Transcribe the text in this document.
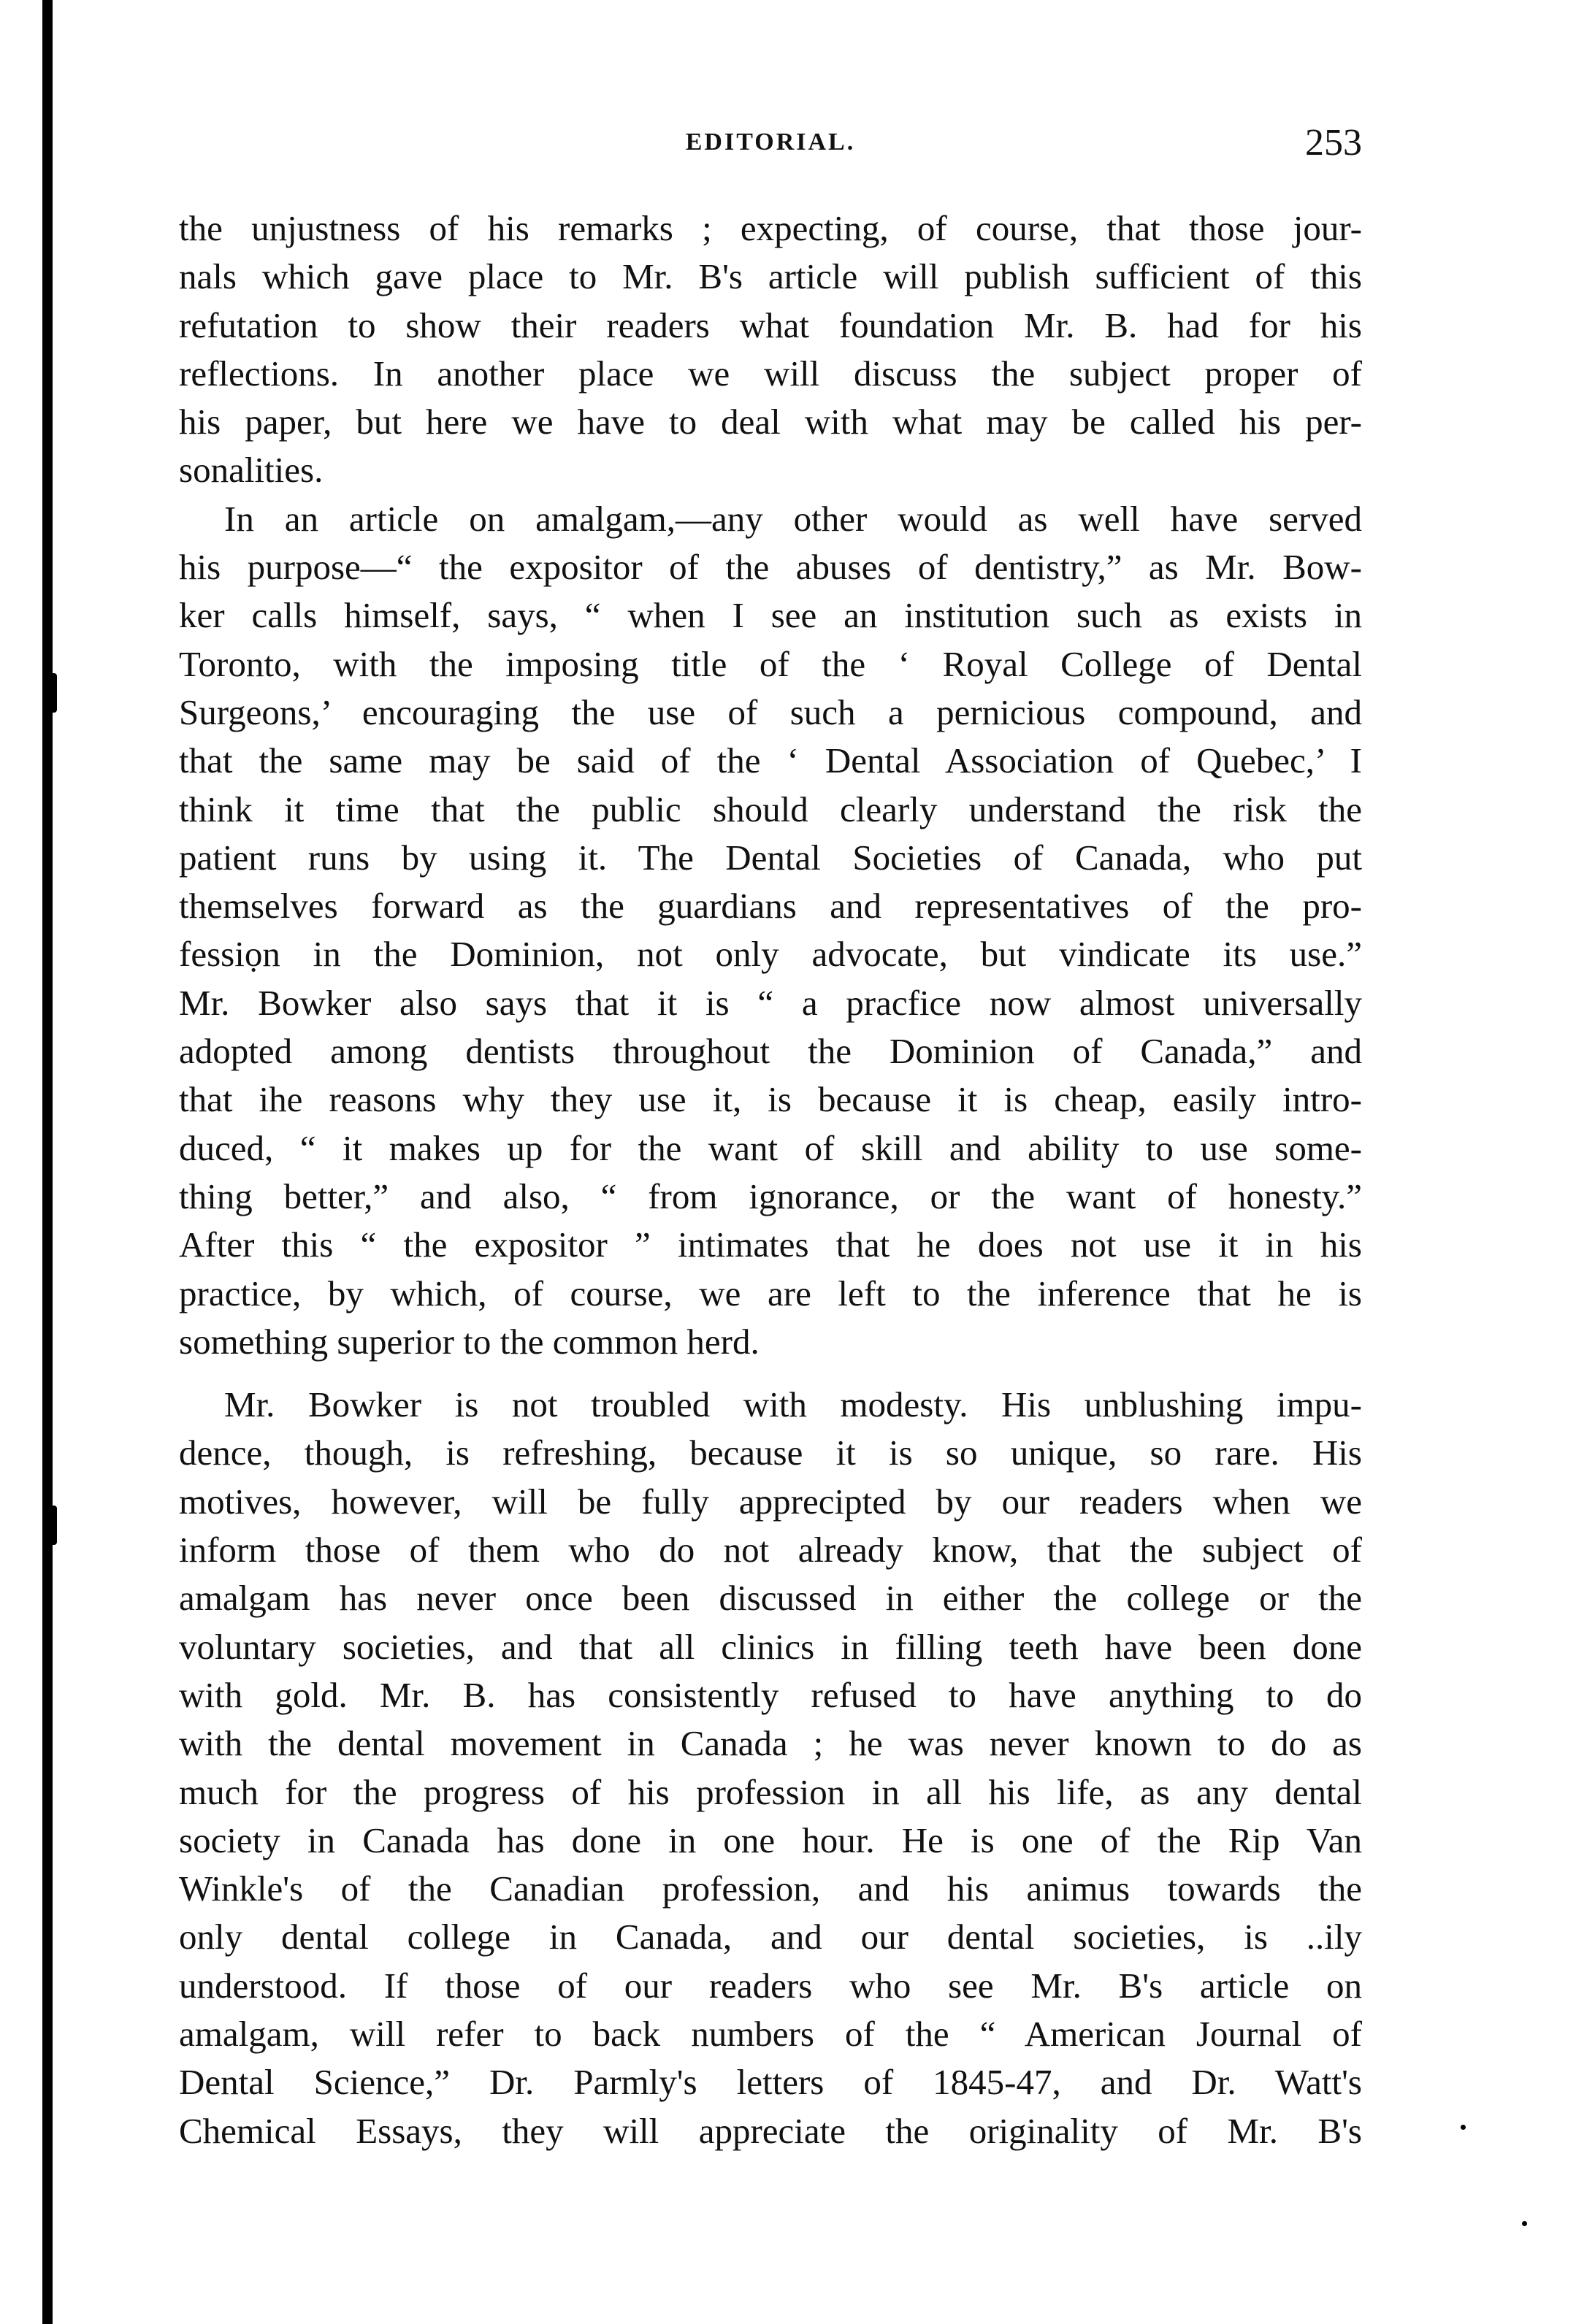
EDITORIAL.	253

the unjustness of his remarks ; expecting, of course, that those jour-
nals which gave place to Mr. B's article will publish sufficient of this
refutation to show their readers what foundation Mr. B. had for his
reflections. In another place we will discuss the subject proper of
his paper, but here we have to deal with what may be called his per-
sonalities.

In an article on amalgam,—any other would as well have served
his purpose—“ the expositor of the abuses of dentistry,” as Mr. Bow-
ker calls himself, says, “ when I see an institution such as exists in
Toronto, with the imposing title of the ‘ Royal College of Dental
Surgeons,’ encouraging the use of such a pernicious compound, and
that the same may be said of the ‘ Dental Association of Quebec,’ I
think it time that the public should clearly understand the risk the
patient runs by using it. The Dental Societies of Canada, who put
themselves forward as the guardians and representatives of the pro-
fessiọn in the Dominion, not only advocate, but vindicate its use.”
Mr. Bowker also says that it is “ a pracfice now almost universally
adopted among dentists throughout the Dominion of Canada,” and
that ihe reasons why they use it, is because it is cheap, easily intro-
duced, “ it makes up for the want of skill and ability to use some-
thing better,” and also, “ from ignorance, or the want of honesty.”
After this “ the expositor ” intimates that he does not use it in his
practice, by which, of course, we are left to the inference that he is
something superior to the common herd.

Mr. Bowker is not troubled with modesty. His unblushing impu-
dence, though, is refreshing, because it is so unique, so rare. His
motives, however, will be fully apprecipted by our readers when we
inform those of them who do not already know, that the subject of
amalgam has never once been discussed in either the college or the
voluntary societies, and that all clinics in filling teeth have been done
with gold. Mr. B. has consistently refused to have anything to do
with the dental movement in Canada ; he was never known to do as
much for the progress of his profession in all his life, as any dental
society in Canada has done in one hour. He is one of the Rip Van
Winkle's of the Canadian profession, and his animus towards the
only dental college in Canada, and our dental societies, is ..ily
understood. If those of our readers who see Mr. B's article on
amalgam, will refer to back numbers of the “ American Journal of
Dental Science,” Dr. Parmly's letters of 1845-47, and Dr. Watt's
Chemical Essays, they will appreciate the originality of Mr. B's
